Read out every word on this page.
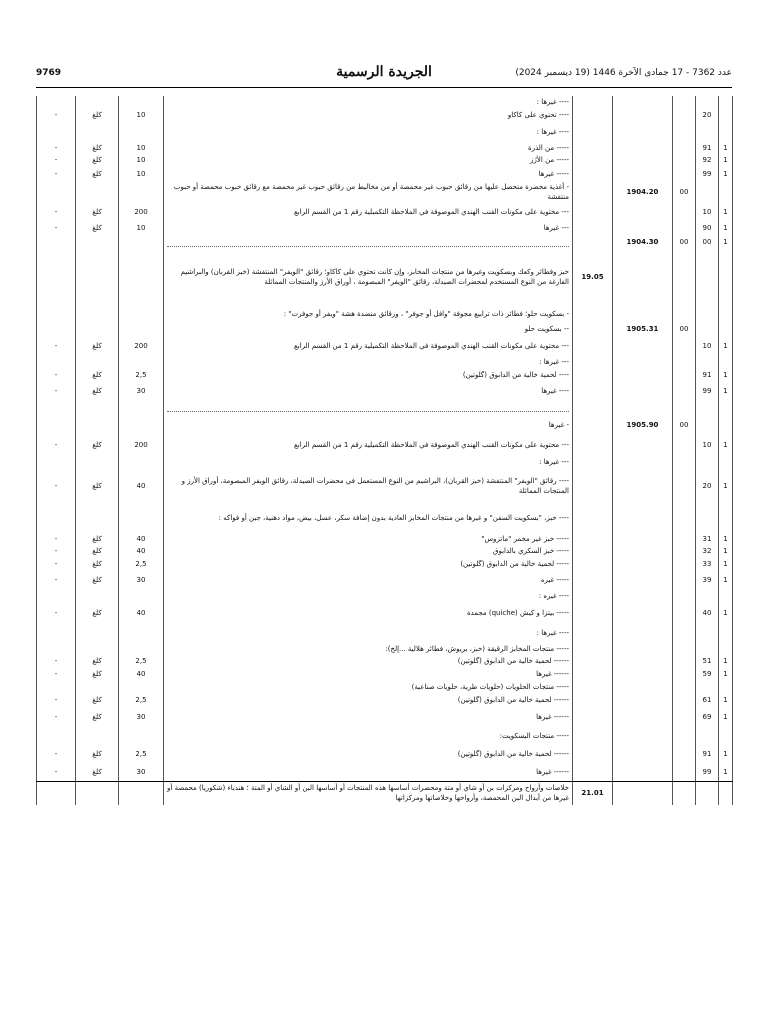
9769	الجريدة الرسمية	عدد 7362 - 17 جمادى الآخرة 1446 (19 ديسمبر 2024)
					---- غيرها :			
	20				---- تحتوي على كاكاو	10	كلغ	-
					---- غيرها :			
1	91				----- من الذرة	10	كلغ	-
1	92				----- من الأرُز	10	كلغ	-
1	99				----- غيرها	10	كلغ	-
		00	1904.20		- أغذية محضرة متحصل عليها من رقائق حبوب غير محمصة أو من مخاليط من رقائق حبوب غير محمصة مع رقائق حبوب محمصة أو حبوب منتفشة			
1	10				--- محتوية على مكونات القنب الهندي الموصوفة في الملاحظة التكميلية رقم 1 من القسم الرابع	200	كلغ	-
1	90				--- غيرها	10	كلغ	-
1	00	00	1904.30		

				19.05	خبز وفطائر وكعك وبسكويت وغيرها من منتجات المخابز، وإن كانت تحتوي على كاكاو؛ رقائق "الويفر" المنتفشة (خبز القربان) والبراشيم الفارغة من النوع المستخدم لمحضرات الصيدلة، رقائق "الويفر" المبصومة ، أوراق الأرز والمنتجات المماثلة			
					- بسكويت حلو؛ فطائر ذات ترابيع مجوفة "وافل أو جوفر" ، ورقائق منضدة هشة "ويفر أو جوفرت" :			
		00	1905.31		-- بسكويت حلو			
1	10				--- محتوية على مكونات القنب الهندي الموصوفة في الملاحظة التكميلية رقم 1 من القسم الرابع	200	كلغ	-
					--- غيرها :			
1	91				---- لحمية خالية من الدابوق (گلوتين)	2,5	كلغ	-
1	99				---- غيرها	30	كلغ	-

		00	1905.90		- غيرها			
1	10				--- محتوية على مكونات القنب الهندي الموصوفة في الملاحظة التكميلية رقم 1 من القسم الرابع	200	كلغ	-
					--- غيرها :			
1	20				---- رقائق "الويفر" المنتفشة (خبز القربان)، البراشيم من النوع المستعمل في محضرات الصيدلة، رقائق الويفر المبصومة، أوراق الأرز و المنتجات المماثلة	40	كلغ	-
					---- خبز، "بسكويت السفن" و غيرها من منتجات المخابز العادية بدون إضافة سكر، عسل، بيض، مواد دهنية، جبن أو فواكه :			
1	31				----- خبز غير مخمر "ماتزوس"	40	كلغ	-
1	32				----- خبز السكري بالدابوق	40	كلغ	-
1	33				----- لحمية خالية من الدابوق (گلوتين)	2,5	كلغ	-
1	39				----- غيره	30	كلغ	-
					---- غيره :			
1	40				----- بيتزا و كيش (quiche) مجمدة	40	كلغ	-
					---- غيرها :			
					----- منتجات المخابز الرقيقة (خبز، بريوش، فطائر هلالية ...إلخ):			
1	51				------ لحمية خالية من الدابوق (گلوتين)	2,5	كلغ	-
1	59				------ غيرها	40	كلغ	-
					----- منتجات الحلويات (حلويات طرية، حلويات صناعية)			
1	61				------ لحمية خالية من الدابوق (گلوتين)	2,5	كلغ	-
1	69				------ غيرها	30	كلغ	-
					----- منتجات البسكويت:			
1	91				------ لحمية خالية من الدابوق (گلوتين)	2,5	كلغ	-
1	99				------ غيرها	30	كلغ	-
				21.01	خلاصات وأرواح ومركزات بن أو شاي أو متة ومحضرات أساسها هذه المنتجات أو أساسها البن أو الشاي أو المتة ؛ هندباء (شكوريا) محمصة أو غيرها من أبدال البن المحمصة، وأرواحها وخلاصاتها ومركزاتها			
